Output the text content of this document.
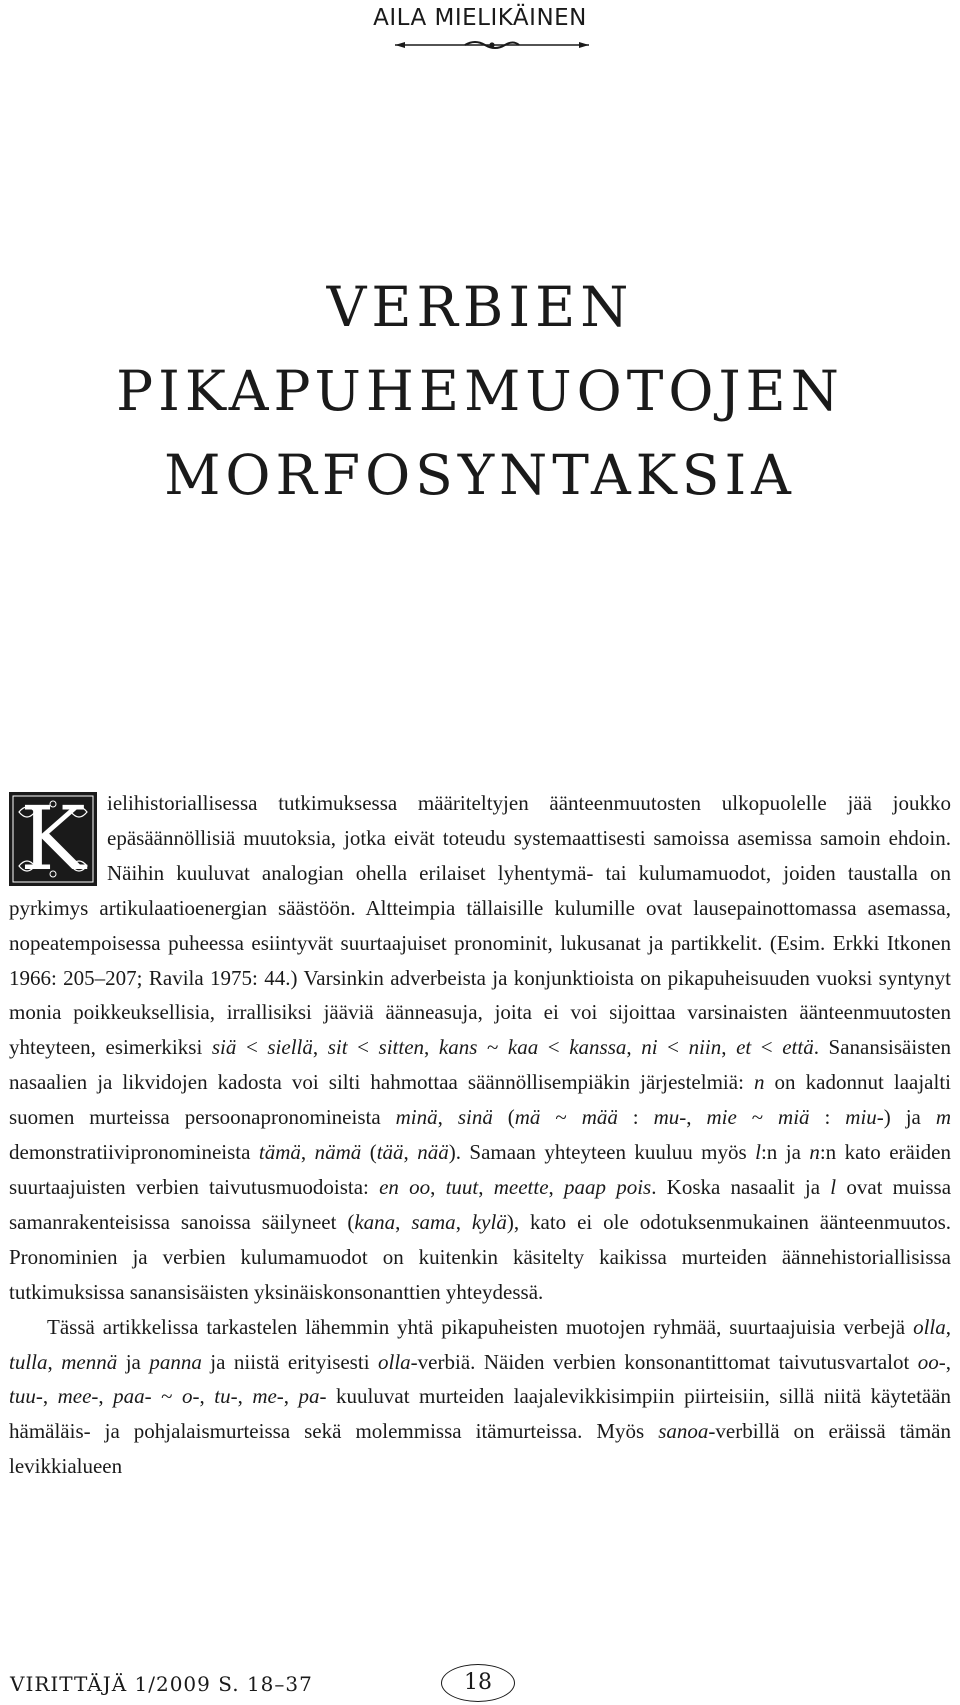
AILA MIELIKÄINEN
VERBIEN
PIKAPUHEMUOTOJEN
MORFOSYNTAKSIA

K	ielihistoriallisessa tutkimuksessa määriteltyjen äänteenmuutosten ulkopuolelle jää joukko epäsäännöllisiä muutoksia, jotka eivät toteudu systemaattisesti samoissa asemissa samoin ehdoin. Näihin kuuluvat analogian ohella erilaiset lyhentymä- tai kulumamuodot, joiden taustalla on pyrkimys artikulaatioenergian säästöön. Altteimpia tällaisille kulumille ovat lausepainottomassa asemassa, nopeatempoisessa puheessa esiintyvät suurtaajuiset pronominit, lukusanat ja partikkelit. (Esim. Erkki Itkonen 1966: 205–207; Ravila 1975: 44.) Varsinkin adverbeista ja konjunktioista on pikapuheisuuden vuoksi syntynyt monia poikkeuksellisia, irrallisiksi jääviä äänneasuja, joita ei voi sijoittaa varsinaisten äänteenmuutosten yhteyteen, esimerkiksi siä < siellä, sit < sitten, kans ~ kaa < kanssa, ni < niin, et < että. Sanansisäisten nasaalien ja likvidojen kadosta voi silti hahmottaa säännöllisempiäkin järjestelmiä: n on kadonnut laajalti suomen murteissa persoonapronomineista minä, sinä (mä ~ mää : mu-, mie ~ miä : miu-) ja m demonstratiivipronomineista tämä, nämä (tää, nää). Samaan yhteyteen kuuluu myös l:n ja n:n kato eräiden suurtaajuisten verbien taivutusmuodoista: en oo, tuut, meette, paap pois. Koska nasaalit ja l ovat muissa samanrakenteisissa sanoissa säilyneet (kana, sama, kylä), kato ei ole odotuksenmukainen äänteenmuutos. Pronominien ja verbien kulumamuodot on kuitenkin käsitelty kaikissa murteiden äännehistoriallisissa tutkimuksissa sanansisäisten yksinäiskonsonanttien yhteydessä.

Tässä artikkelissa tarkastelen lähemmin yhtä pikapuheisten muotojen ryhmää, suurtaajuisia verbejä olla, tulla, mennä ja panna ja niistä erityisesti olla-verbiä. Näiden verbien konsonantittomat taivutusvartalot oo-, tuu-, mee-, paa- ~ o-, tu-, me-, pa- kuuluvat murteiden laajalevikkisimpiin piirteisiin, sillä niitä käytetään hämäläis- ja pohjalaismurteissa sekä molemmissa itämurteissa. Myös sanoa-verbillä on eräissä tämän levikkialueen

VIRITTÄJÄ 1/2009 S. 18–37	18
